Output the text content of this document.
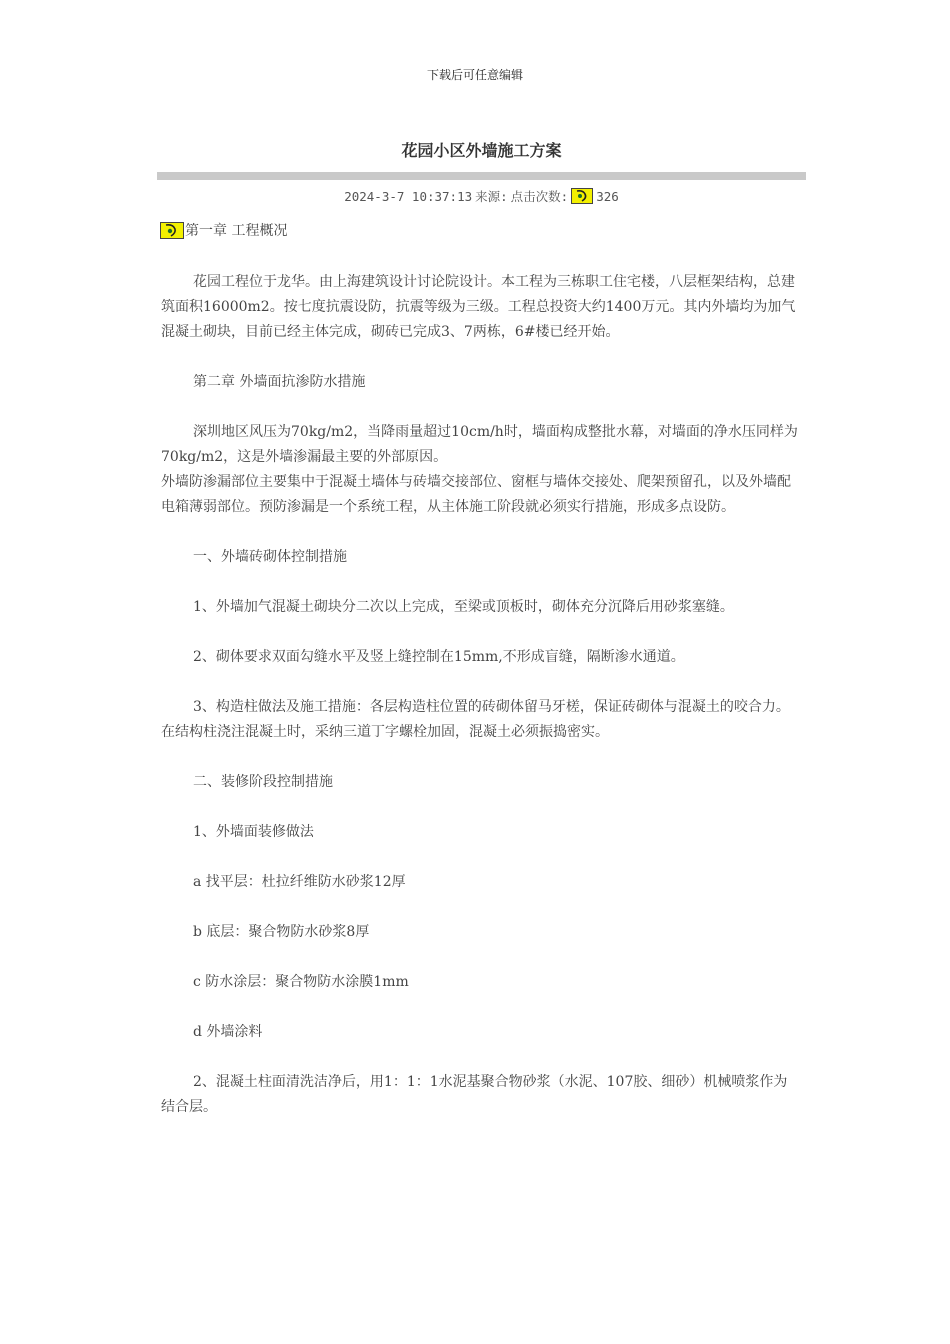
下载后可任意编辑
花园小区外墙施工方案
2024-3-7 10:37:13 来源: 点击次数: 326
第一章 工程概况

花园工程位于龙华。由上海建筑设计讨论院设计。本工程为三栋职工住宅楼，八层框架结构，总建筑面积16000m2。按七度抗震设防，抗震等级为三级。工程总投资大约1400万元。其内外墙均为加气混凝土砌块，目前已经主体完成，砌砖已完成3、7两栋，6#楼已经开始。

第二章 外墙面抗渗防水措施

深圳地区风压为70kg/m2，当降雨量超过10cm/h时，墙面构成整批水幕，对墙面的净水压同样为70kg/m2，这是外墙渗漏最主要的外部原因。

外墙防渗漏部位主要集中于混凝土墙体与砖墙交接部位、窗框与墙体交接处、爬架预留孔，以及外墙配电箱薄弱部位。预防渗漏是一个系统工程，从主体施工阶段就必须实行措施，形成多点设防。

一、外墙砖砌体控制措施

1、外墙加气混凝土砌块分二次以上完成，至梁或顶板时，砌体充分沉降后用砂浆塞缝。

2、砌体要求双面勾缝水平及竖上缝控制在15mm,不形成盲缝，隔断渗水通道。

3、构造柱做法及施工措施：各层构造柱位置的砖砌体留马牙槎，保证砖砌体与混凝土的咬合力。在结构柱浇注混凝土时，采纳三道丁字螺栓加固，混凝土必须振捣密实。

二、装修阶段控制措施

1、外墙面装修做法

a 找平层：杜拉纤维防水砂浆12厚

b 底层：聚合物防水砂浆8厚

c 防水涂层：聚合物防水涂膜1mm

d 外墙涂料

2、混凝土柱面清洗洁净后，用1：1：1水泥基聚合物砂浆（水泥、107胶、细砂）机械喷浆作为结合层。
